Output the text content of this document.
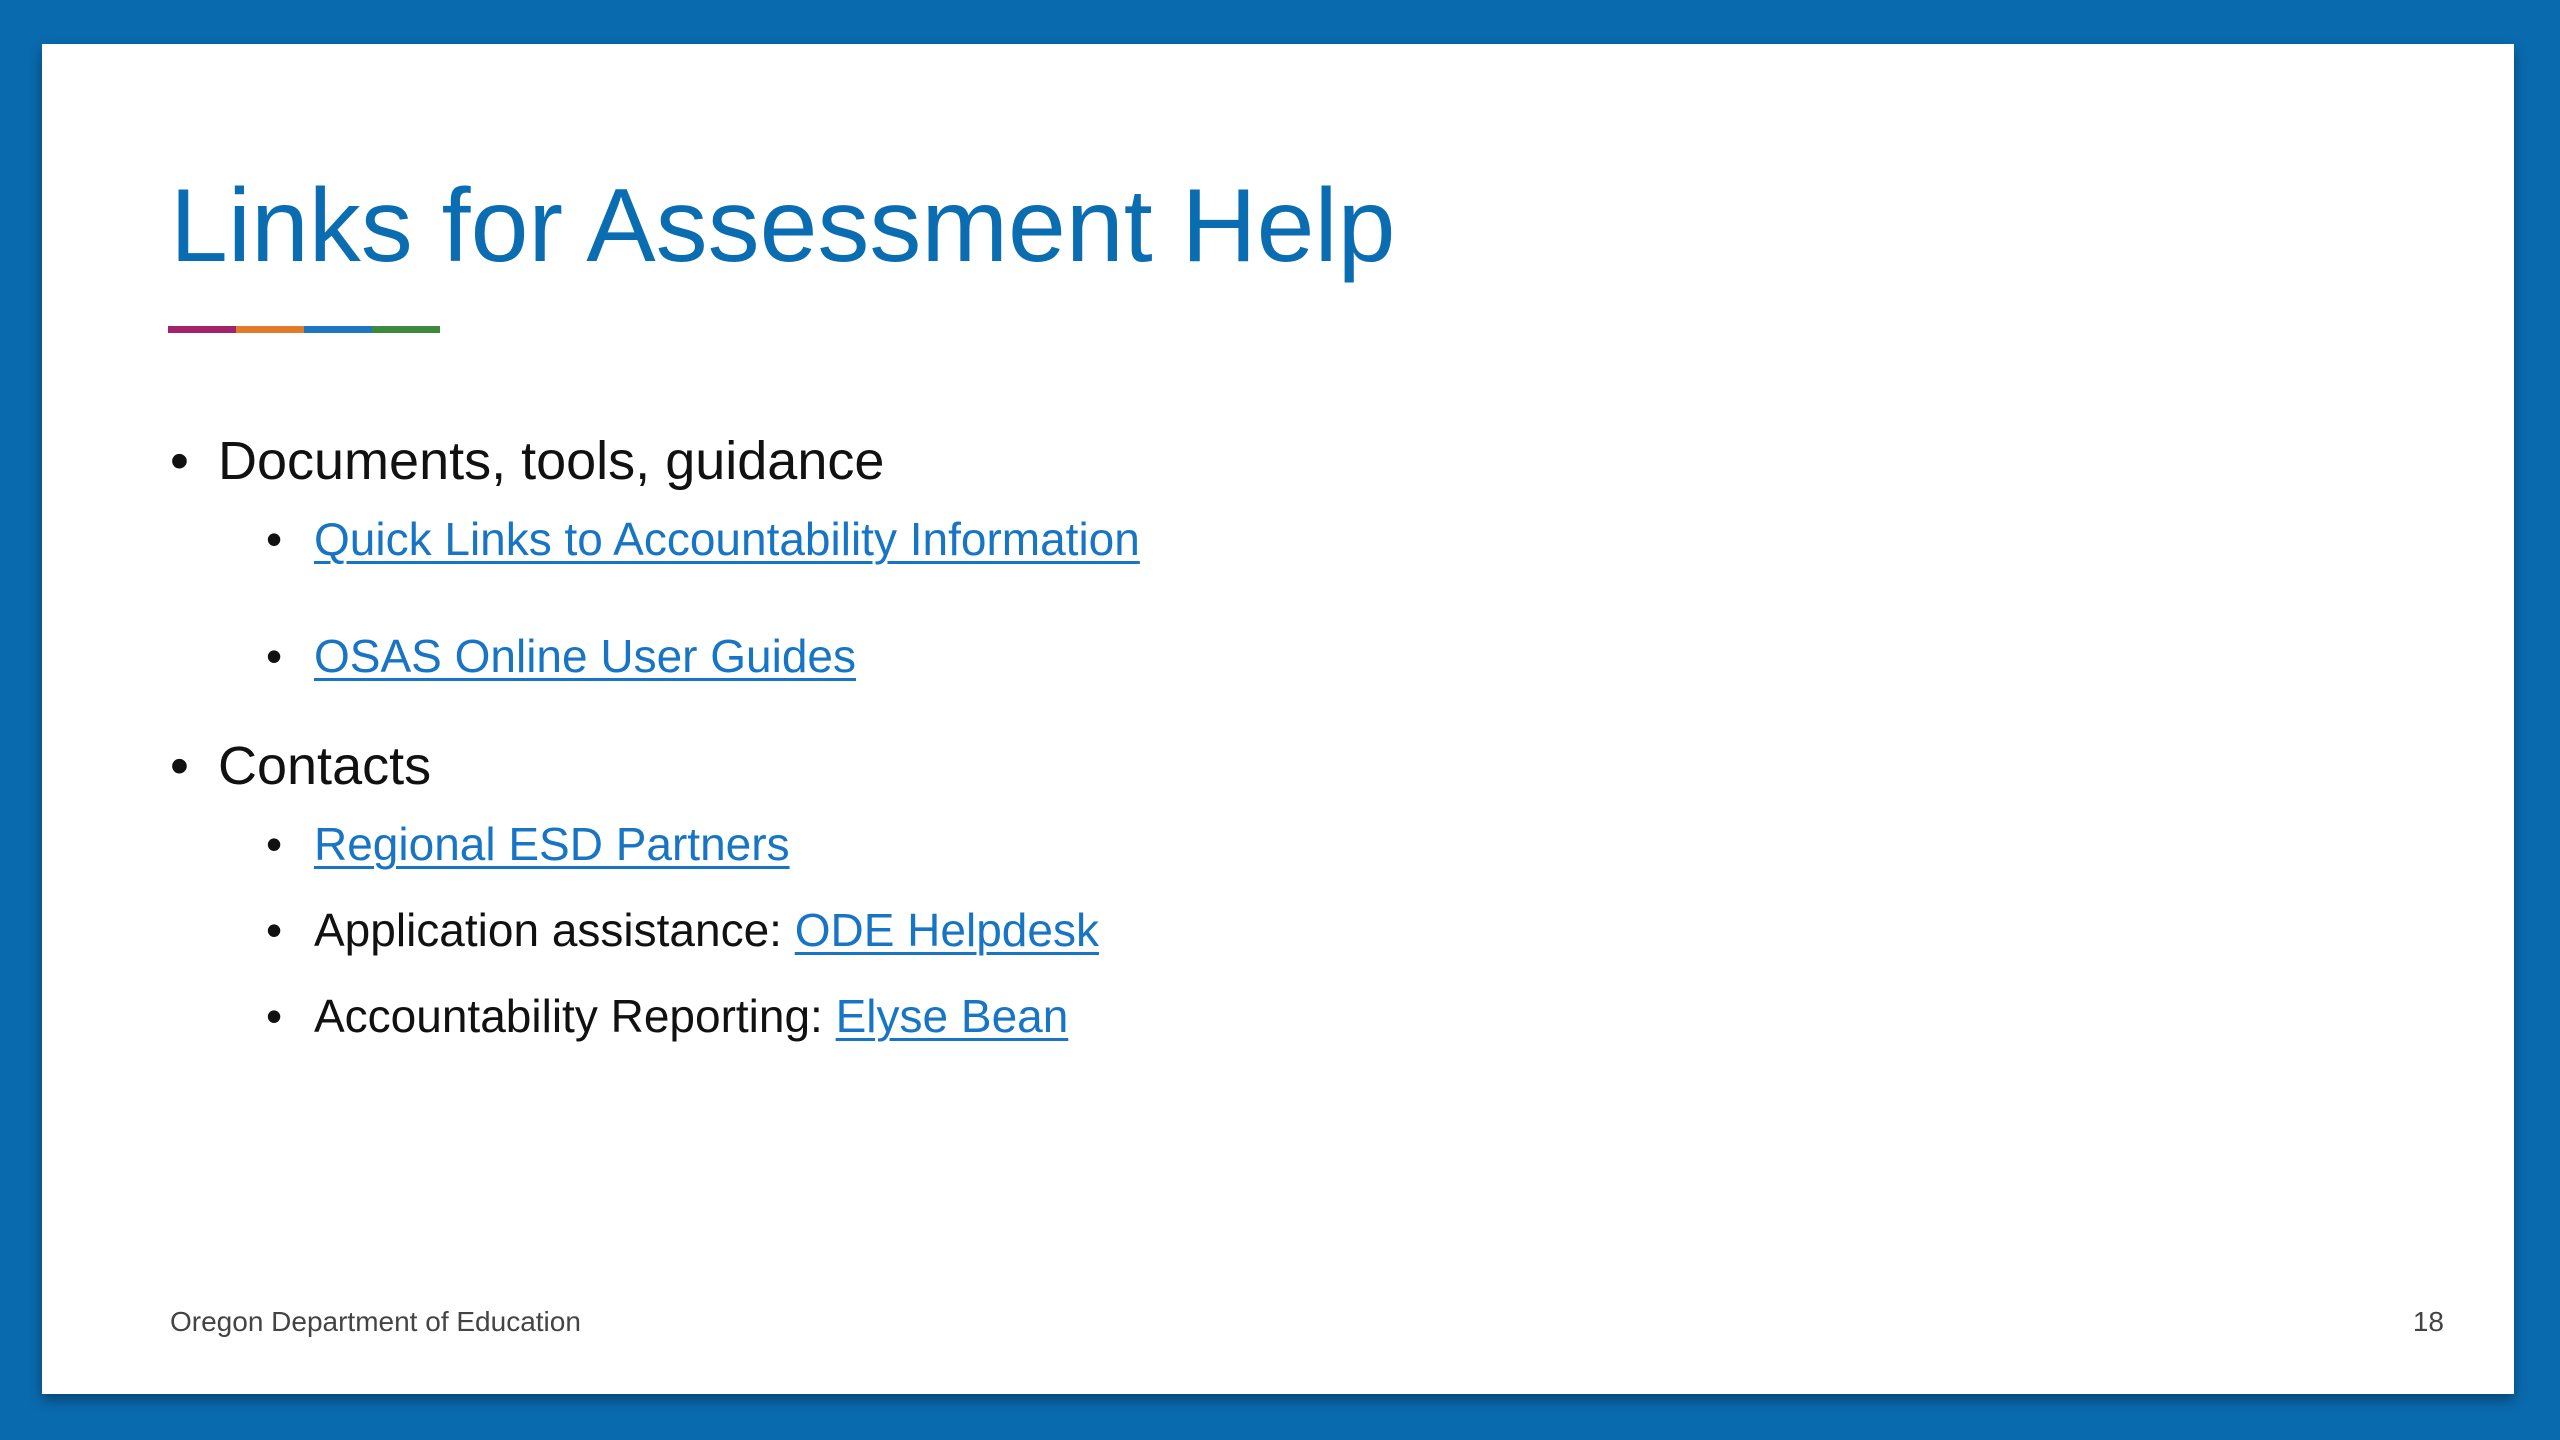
Links for Assessment Help
• Documents, tools, guidance
• Quick Links to Accountability Information
• OSAS Online User Guides
• Contacts
• Regional ESD Partners
• Application assistance: ODE Helpdesk
• Accountability Reporting: Elyse Bean
Oregon Department of Education	18
